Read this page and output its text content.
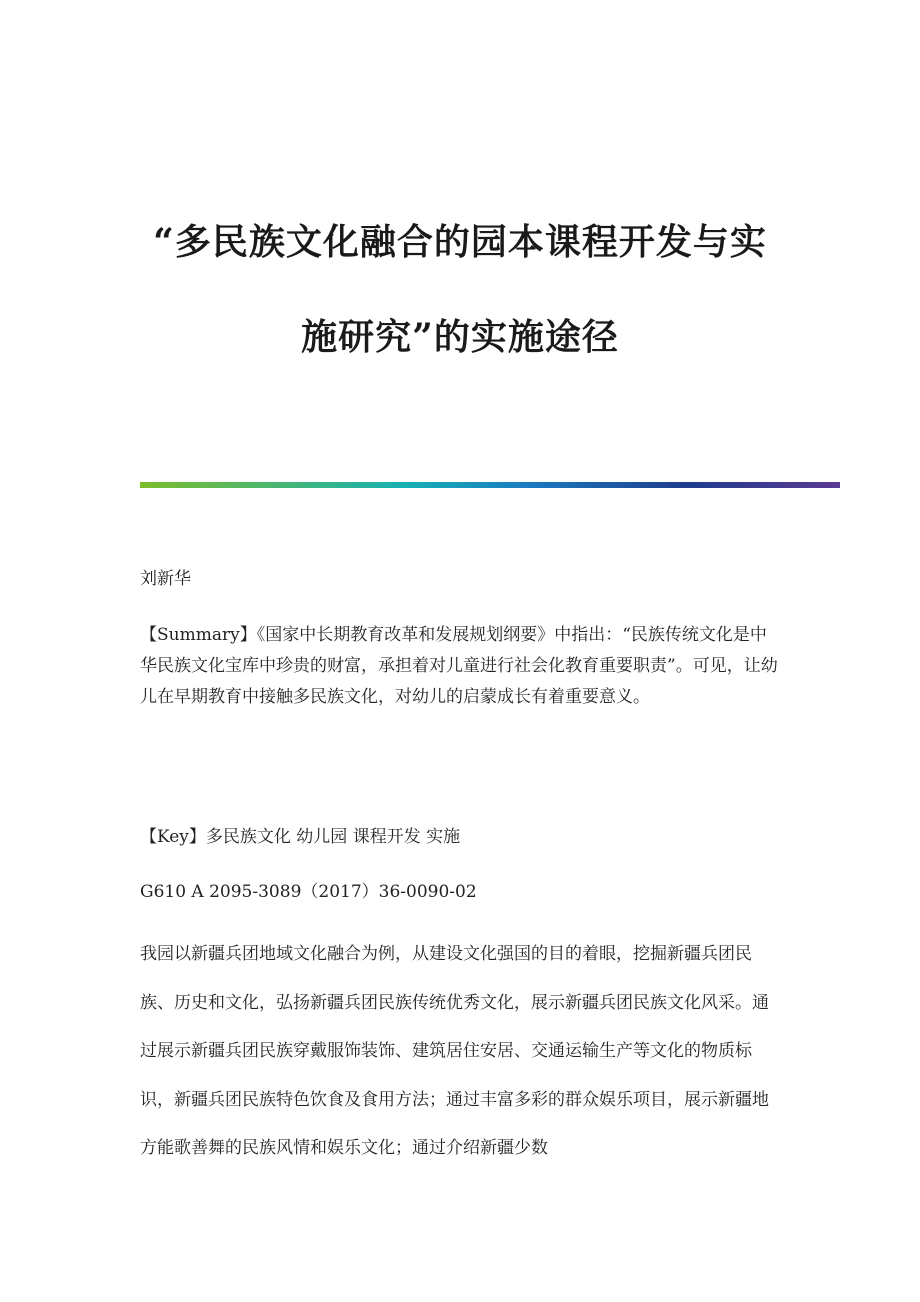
“多民族文化融合的园本课程开发与实
施研究”的实施途径

刘新华

【Summary】《国家中长期教育改革和发展规划纲要》中指出：“民族传统文化是中华民族文化宝库中珍贵的财富，承担着对儿童进行社会化教育重要职责”。可见，让幼儿在早期教育中接触多民族文化，对幼儿的启蒙成长有着重要意义。

【Key】多民族文化 幼儿园 课程开发 实施

G610 A 2095-3089（2017）36-0090-02

我园以新疆兵团地域文化融合为例，从建设文化强国的目的着眼，挖掘新疆兵团民族、历史和文化，弘扬新疆兵团民族传统优秀文化，展示新疆兵团民族文化风采。通过展示新疆兵团民族穿戴服饰装饰、建筑居住安居、交通运输生产等文化的物质标识，新疆兵团民族特色饮食及食用方法；通过丰富多彩的群众娱乐项目，展示新疆地方能歌善舞的民族风情和娱乐文化；通过介绍新疆少数
